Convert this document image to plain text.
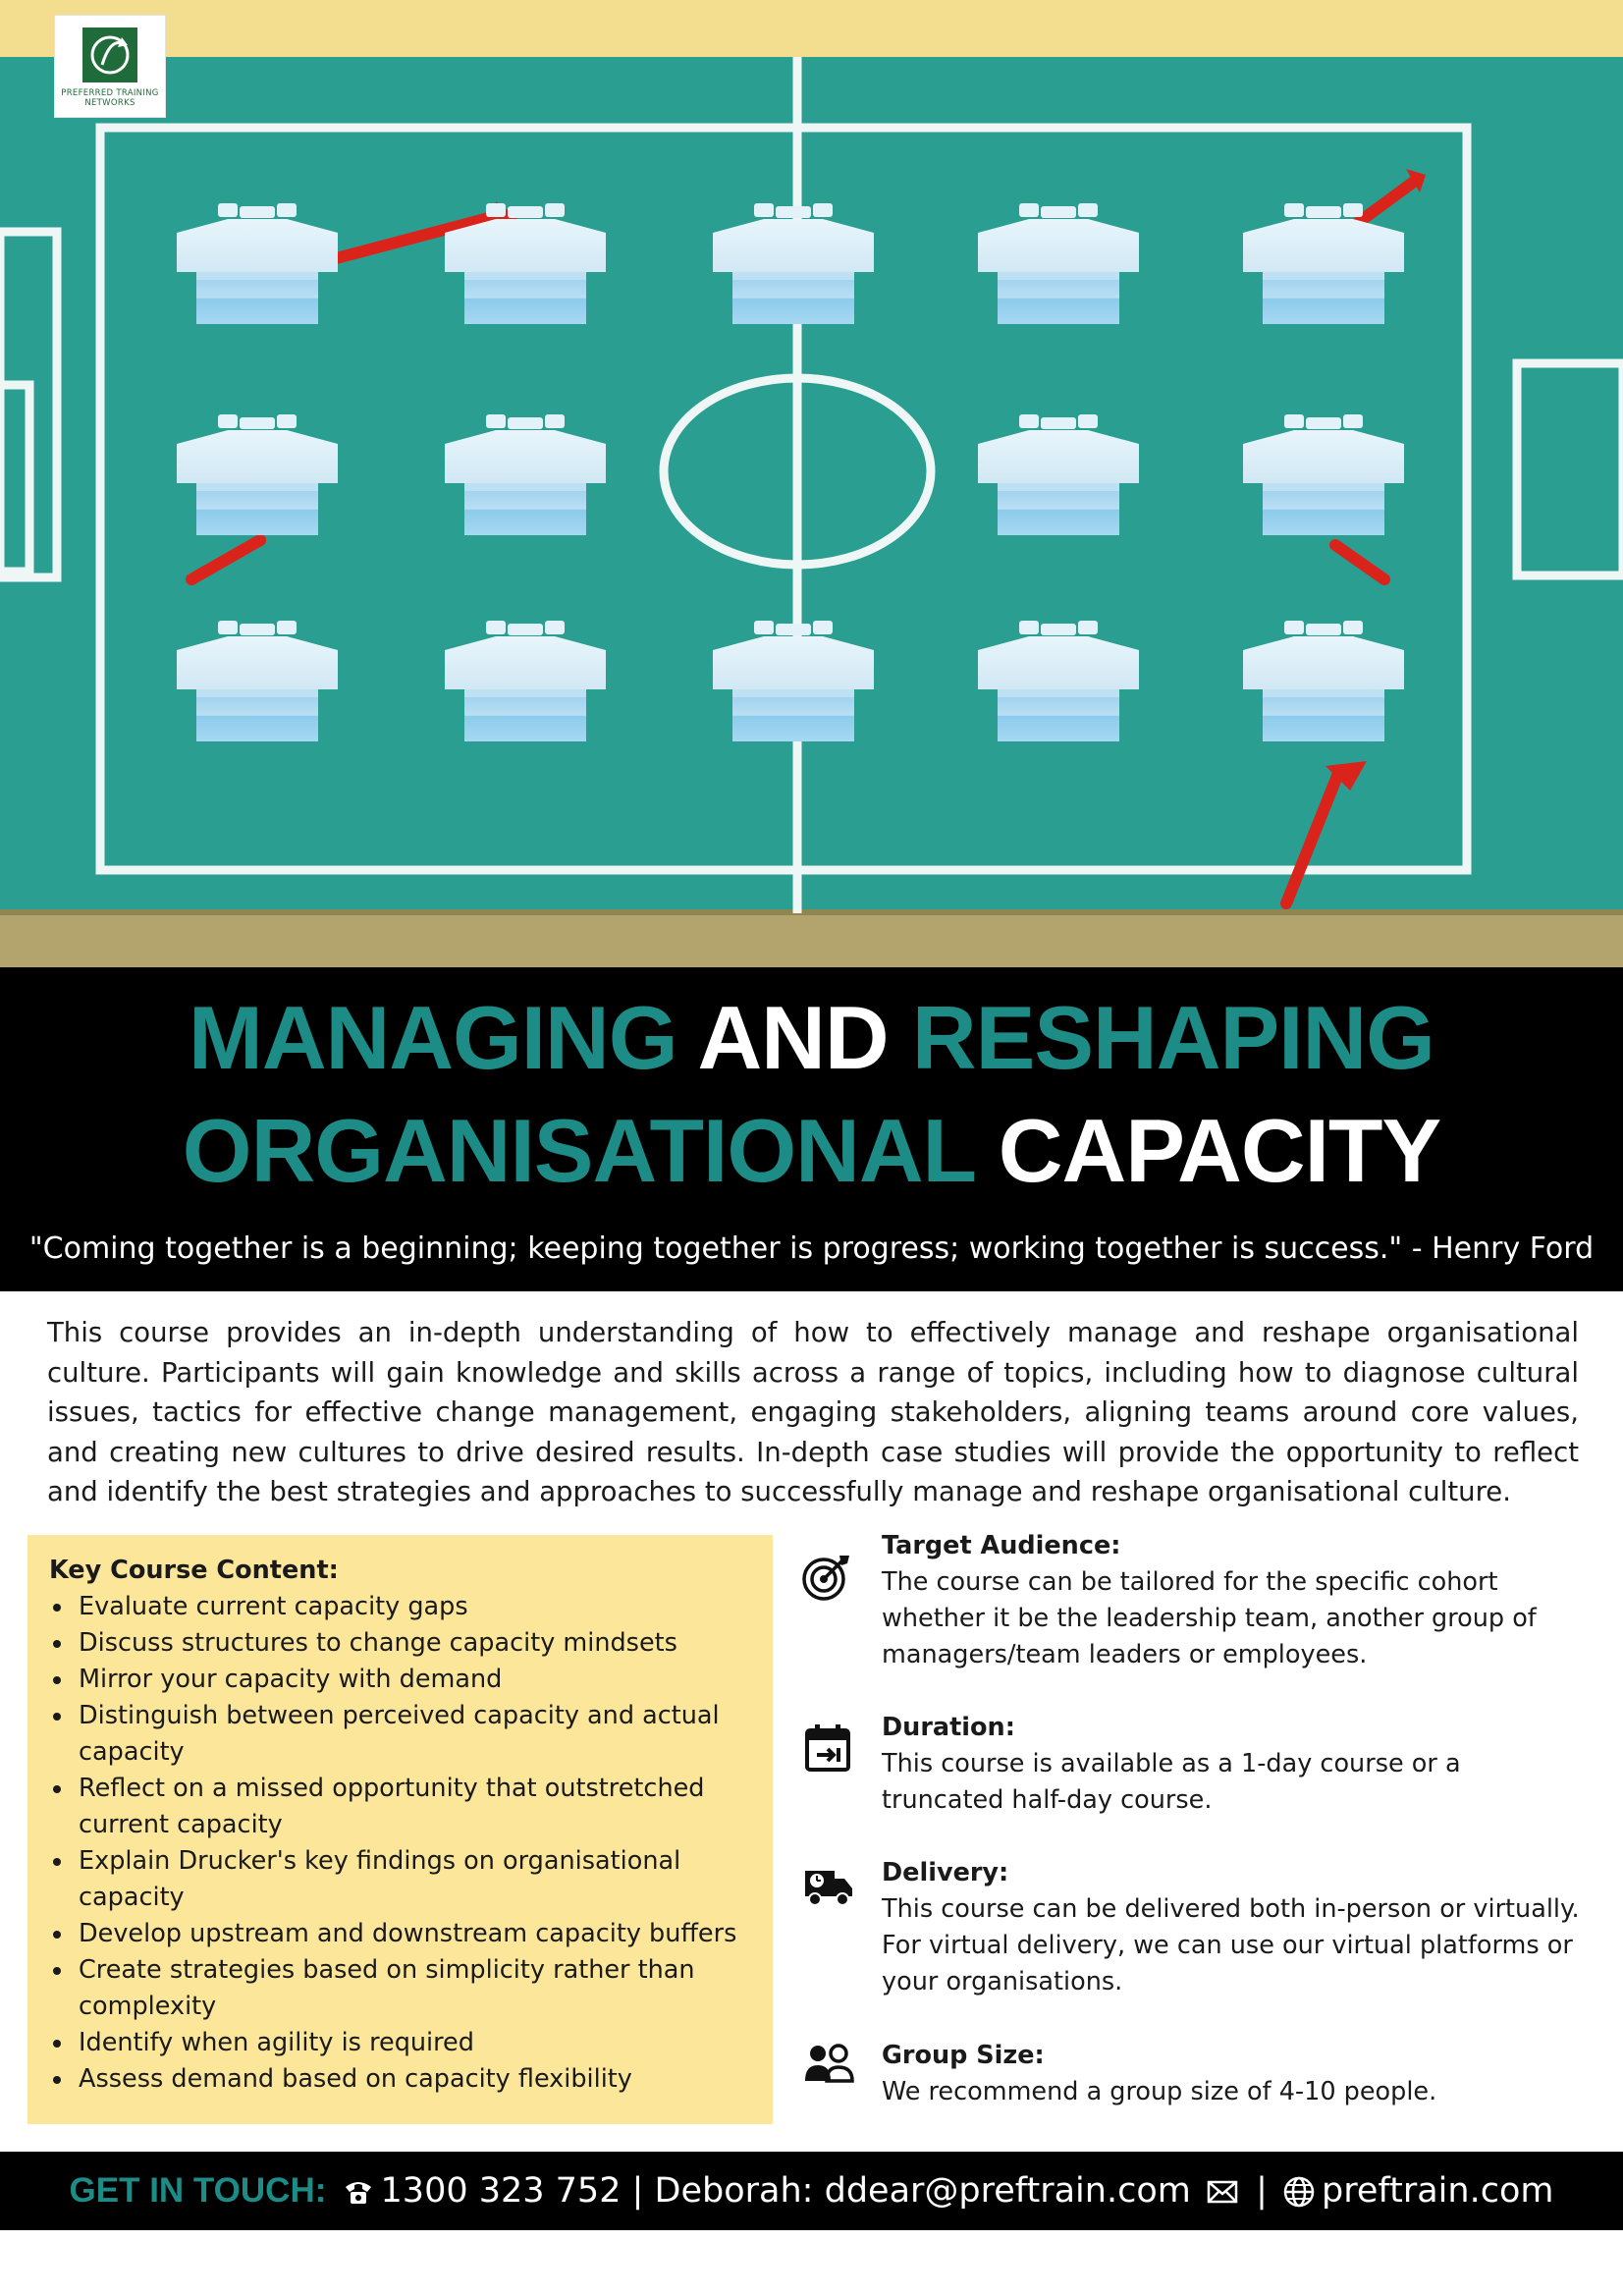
PREFERRED TRAINING
NETWORKS
MANAGING AND RESHAPING
ORGANISATIONAL CAPACITY
"Coming together is a beginning; keeping together is progress; working together is success." - Henry Ford
This course provides an in-depth understanding of how to effectively manage and reshape organisational culture. Participants will gain knowledge and skills across a range of topics, including how to diagnose cultural issues, tactics for effective change management, engaging stakeholders, aligning teams around core values, and creating new cultures to drive desired results. In-depth case studies will provide the opportunity to reflect and identify the best strategies and approaches to successfully manage and reshape organisational culture.
Key Course Content:
Evaluate current capacity gaps
Discuss structures to change capacity mindsets
Mirror your capacity with demand
Distinguish between perceived capacity and actual capacity
Reflect on a missed opportunity that outstretched current capacity
Explain Drucker's key findings on organisational capacity
Develop upstream and downstream capacity buffers
Create strategies based on simplicity rather than complexity
Identify when agility is required
Assess demand based on capacity flexibility
Target Audience:
The course can be tailored for the specific cohort whether it be the leadership team, another group of managers/team leaders or employees.
Duration:
This course is available as a 1-day course or a truncated half-day course.
Delivery:
This course can be delivered both in-person or virtually. For virtual delivery, we can use our virtual platforms or your organisations.
Group Size:
We recommend a group size of 4-10 people.
GET IN TOUCH: 1300 323 752 | Deborah: ddear@preftrain.com | preftrain.com
